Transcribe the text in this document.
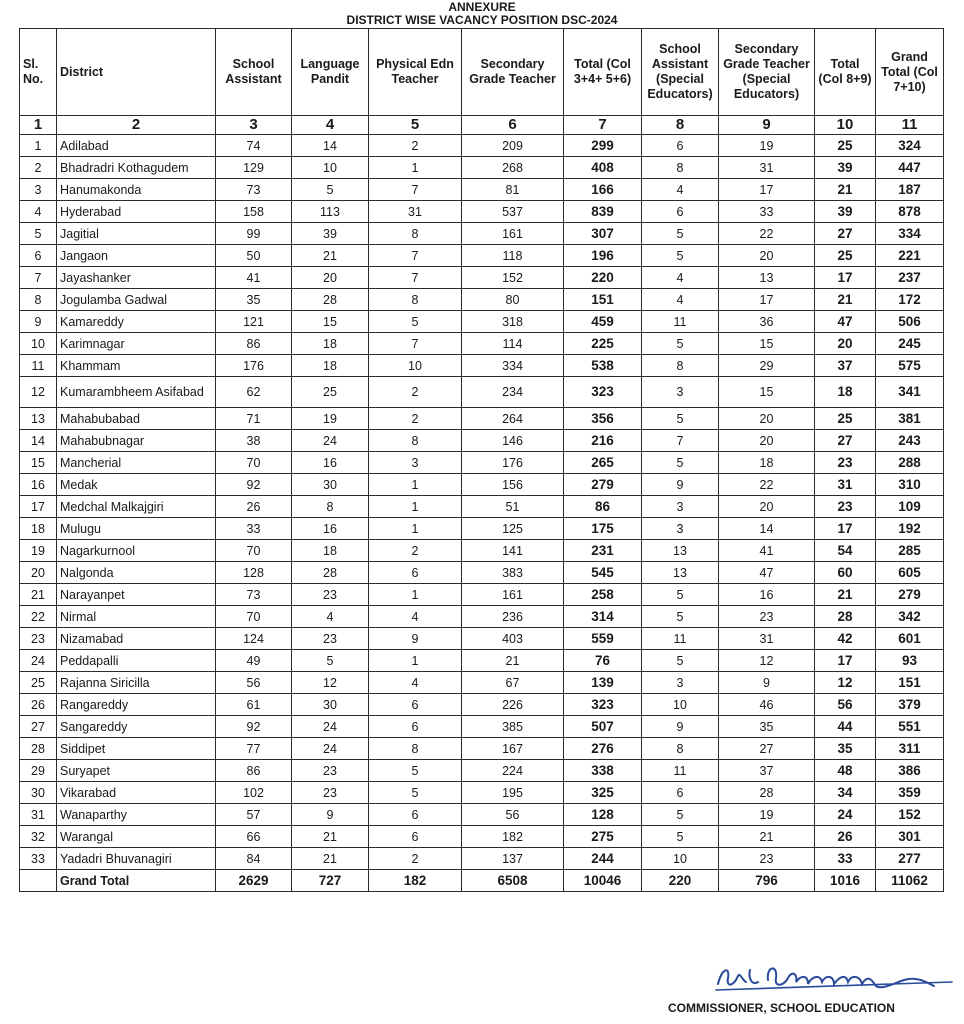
ANNEXURE
DISTRICT WISE VACANCY POSITION DSC-2024
Sl. No.	District	School Assistant	Language Pandit	Physical Edn Teacher	Secondary Grade Teacher	Total (Col 3+4+ 5+6)	School Assistant (Special Educators)	Secondary Grade Teacher (Special Educators)	Total (Col 8+9)	Grand Total (Col 7+10)
1	2	3	4	5	6	7	8	9	10	11
1	Adilabad	74	14	2	209	299	6	19	25	324
2	Bhadradri Kothagudem	129	10	1	268	408	8	31	39	447
3	Hanumakonda	73	5	7	81	166	4	17	21	187
4	Hyderabad	158	113	31	537	839	6	33	39	878
5	Jagitial	99	39	8	161	307	5	22	27	334
6	Jangaon	50	21	7	118	196	5	20	25	221
7	Jayashanker	41	20	7	152	220	4	13	17	237
8	Jogulamba Gadwal	35	28	8	80	151	4	17	21	172
9	Kamareddy	121	15	5	318	459	11	36	47	506
10	Karimnagar	86	18	7	114	225	5	15	20	245
11	Khammam	176	18	10	334	538	8	29	37	575
12	Kumarambheem Asifabad	62	25	2	234	323	3	15	18	341
13	Mahabubabad	71	19	2	264	356	5	20	25	381
14	Mahabubnagar	38	24	8	146	216	7	20	27	243
15	Mancherial	70	16	3	176	265	5	18	23	288
16	Medak	92	30	1	156	279	9	22	31	310
17	Medchal Malkajgiri	26	8	1	51	86	3	20	23	109
18	Mulugu	33	16	1	125	175	3	14	17	192
19	Nagarkurnool	70	18	2	141	231	13	41	54	285
20	Nalgonda	128	28	6	383	545	13	47	60	605
21	Narayanpet	73	23	1	161	258	5	16	21	279
22	Nirmal	70	4	4	236	314	5	23	28	342
23	Nizamabad	124	23	9	403	559	11	31	42	601
24	Peddapalli	49	5	1	21	76	5	12	17	93
25	Rajanna Siricilla	56	12	4	67	139	3	9	12	151
26	Rangareddy	61	30	6	226	323	10	46	56	379
27	Sangareddy	92	24	6	385	507	9	35	44	551
28	Siddipet	77	24	8	167	276	8	27	35	311
29	Suryapet	86	23	5	224	338	11	37	48	386
30	Vikarabad	102	23	5	195	325	6	28	34	359
31	Wanaparthy	57	9	6	56	128	5	19	24	152
32	Warangal	66	21	6	182	275	5	21	26	301
33	Yadadri Bhuvanagiri	84	21	2	137	244	10	23	33	277
	Grand Total	2629	727	182	6508	10046	220	796	1016	11062
COMMISSIONER, SCHOOL EDUCATION
